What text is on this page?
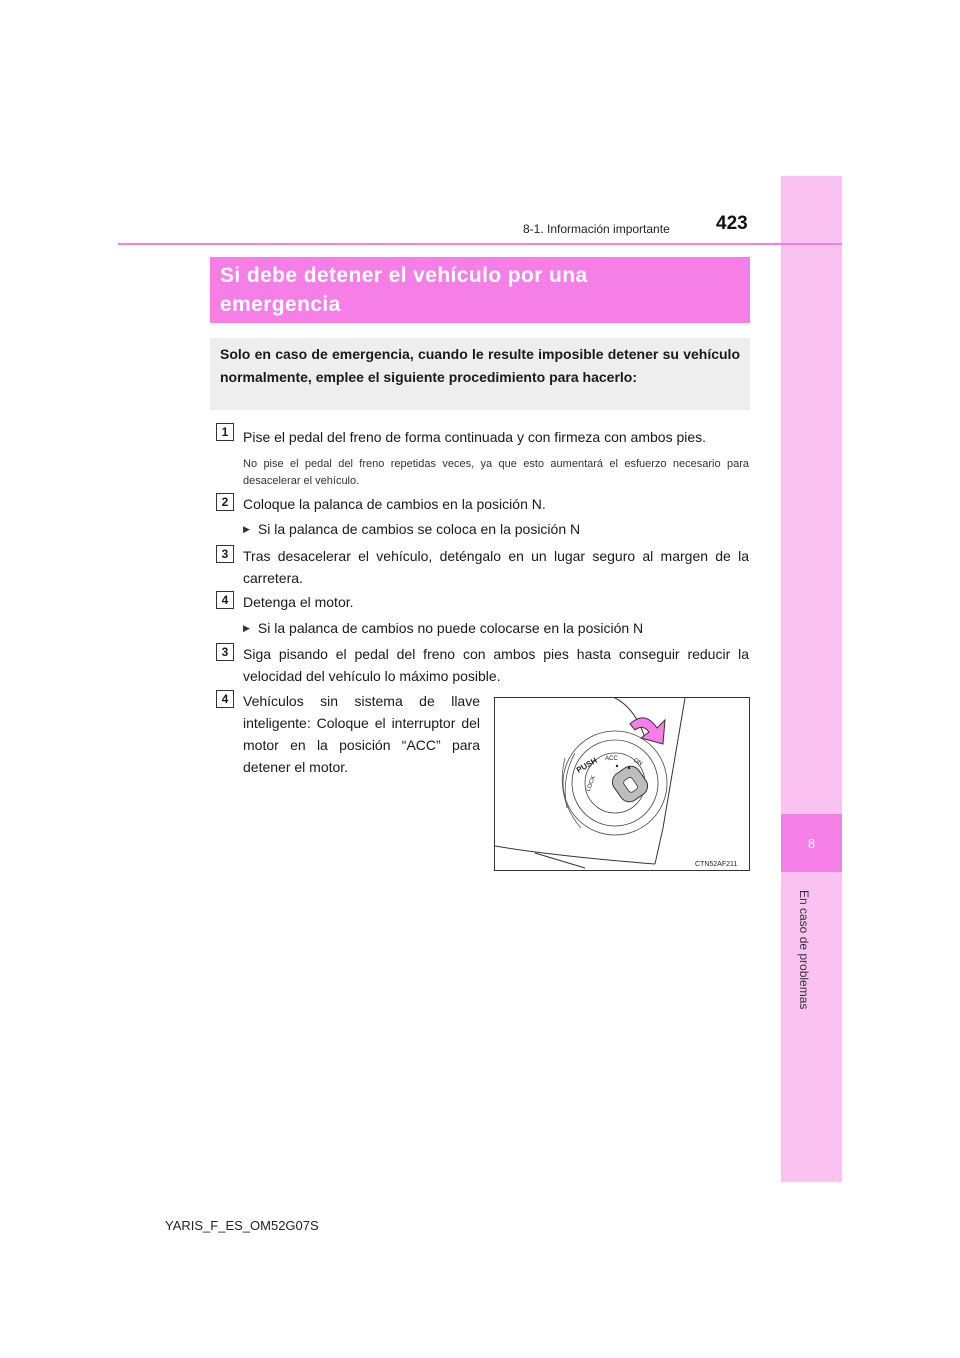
8
En caso de problemas
8-1. Información importante 423
Si debe detener el vehículo por una
emergencia
Solo en caso de emergencia, cuando le resulte imposible detener su vehículo normalmente, emplee el siguiente procedimiento para hacerlo:
1	Pise el pedal del freno de forma continuada y con firmeza con ambos pies.
No pise el pedal del freno repetidas veces, ya que esto aumentará el esfuerzo necesario para desacelerar el vehículo.
2	Coloque la palanca de cambios en la posición N.
▶ Si la palanca de cambios se coloca en la posición N
3	Tras desacelerar el vehículo, deténgalo en un lugar seguro al margen de la carretera.
4	Detenga el motor.
▶ Si la palanca de cambios no puede colocarse en la posición N
3	Siga pisando el pedal del freno con ambos pies hasta conseguir reducir la velocidad del vehículo lo máximo posible.
4	Vehículos sin sistema de llave inteligente: Coloque el interruptor del motor en la posición “ACC” para detener el motor.	PUSH
LOCK
ACC ON
CTN52AF211
YARIS_F_ES_OM52G07S
